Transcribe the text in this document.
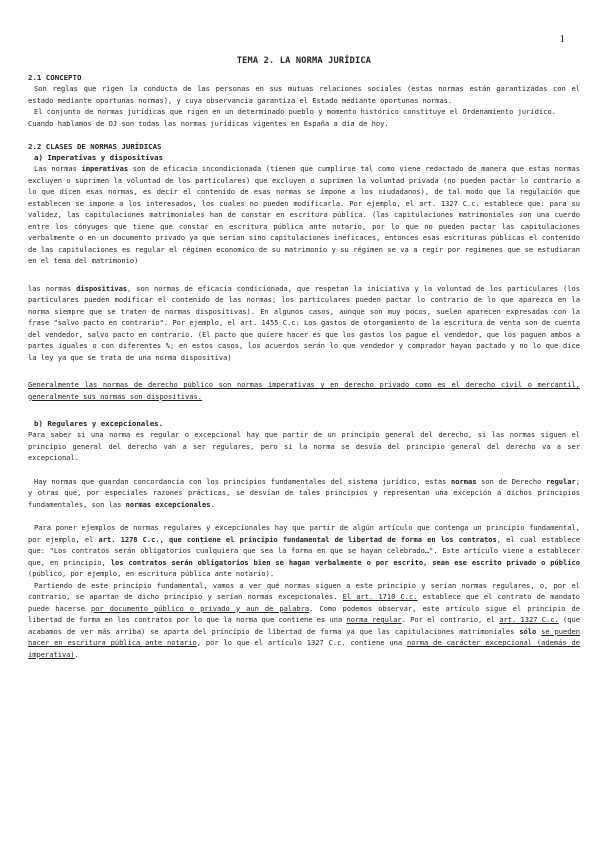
1
TEMA 2. LA NORMA JURÍDICA
2.1 CONCEPTO

Son reglas que rigen la conducta de las personas en sus mutuas relaciones sociales (estas normas están garantizadas con el estado mediante oportunas normas), y cuya observancia garantiza el Estado mediante oportunas normas.

El conjunto de normas jurídicas que rigen en un determinado pueblo y momento histórico constituye el Ordenamiento jurídico.

Cuando hablamos de OJ son todas las normas jurídicas vigentes en España a día de hoy.

2.2 CLASES DE NORMAS JURÍDICAS
a) Imperativas y dispositivas

Las normas imperativas son de eficacia incondicionada (tienen que cumplirse tal como viene redactado de manera que estas normas excluyen o suprimen la voluntad de los particulares) que excluyen o suprimen la voluntad privada (no pueden pactar lo contrario a lo que dicen esas normas, es decir el contenido de esas normas se impone a los ciudadanos), de tal modo que la regulación que establecen se impone a los interesados, los cuales no pueden modificarla. Por ejemplo, el art. 1327 C.c. establece que: para su validez, las capitulaciones matrimoniales han de constar en escritura pública. (las capitulaciones matrimoniales son una cuerdo entre los cónyuges que tiene que constar en escritura pública ante notario, por lo que no pueden pactar las capitulaciones verbalmente o en un documento privado ya que serían sino capitulaciones ineficaces, entonces esas escrituras públicas el contenido de las capitulaciones es regular el régimen economico de su matrimonio y su régimen se va a regir por regimenes que se estudiaran en el tema del matrimonio)

las normas dispositivas, son normas de eficacia condicionada, que respetan la iniciativa y la voluntad de los particulares (los particulares pueden modificar el contenido de las normas; los particulares pueden pactar lo contrario de lo que aparezca en la norma siempre que se traten de normas dispositivas). En algunos casos, aunque son muy pocos, suelen aparecen expresadas con la frase "salvo pacto en contrario". Por ejemplo, el art. 1455 C.c: Los gastos de otorgamiento de la escritura de venta son de cuenta del vendedor, salvo pacto en contrario. (El pacto que quiere hacer es que los gastos los pague el vendedor, que los paguen ambos a partes iguales o con diferentes %; en estos casos, los acuerdos serán lo que vendedor y comprador hayan pactado y no lo que dice la ley ya que se trata de una norma dispositiva)

Generalmente las normas de derecho público son normas imperativas y en derecho privado como es el derecho civil o mercantil, generalmente sus normas son dispositivas.

b) Regulares y excepcionales.

Para saber si una norma es regular o excepcional hay que partir de un principio general del derecho, si las normas siguen el principio general del derecho van a ser regulares, pero si la norma se desvía del principio general del derecho va a ser excepcional.

Hay normas que guardan concordancia con los principios fundamentales del sistema jurídico, estas normas son de Derecho regular; y otras que, por especiales razones prácticas, se desvían de tales principios y representan una excepción a dichos principios fundamentales, son las normas excepcionales.

Para poner ejemplos de normas regulares y excepcionales hay que partir de algún artículo que contenga un principio fundamental, por ejemplo, el art. 1278 C.c., que contiene el principio fundamental de libertad de forma en los contratos, el cual establece que: "Los contratos serán obligatorios cualquiera que sea la forma en que se hayan celebrado…". Este artículo viene a establecer que, en principio, los contratos serán obligatorios bien se hagan verbalmente o por escrito, sean ese escrito privado o público (público, por ejemplo, en escritura pública ante notario).

Partiendo de este principio fundamental, vamos a ver qué normas siguen a este principio y serían normas regulares, o, por el contrario, se apartan de dicho principio y serían normas excepcionales. El art. 1710 C.c. establece que el contrato de mandato puede hacerse por documento público o privado y aun de palabra. Como podemos observar, este artículo sigue el principio de libertad de forma en los contratos por lo que la norma que contiene es una norma regular. Por el contrario, el art. 1327 C.c. (que acabamos de ver más arriba) se aparta del principio de libertad de forma ya que las capitulaciones matrimoniales sólo se pueden hacer en escritura pública ante notario, por lo que el artículo 1327 C.c. contiene una norma de carácter excepcional (además de imperativa).
